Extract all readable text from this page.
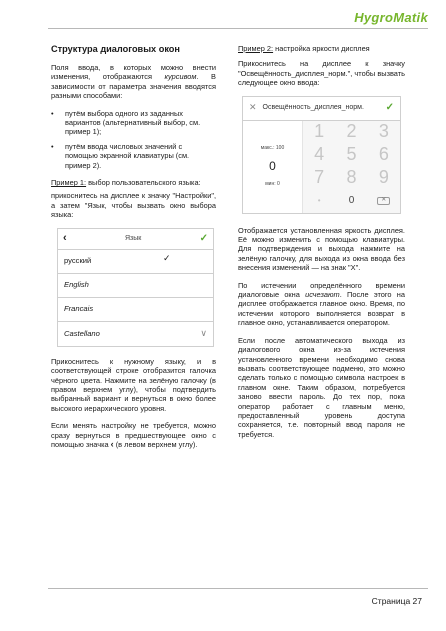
HygroMatik
Структура диалоговых окон

Поля ввода, в которых можно внести изменения, отображаются курсивом. В зависимости от параметра значения вводятся разными способами:

•	путём выбора одного из заданных вариантов (альтернативный выбор, см. пример 1);
•	путём ввода числовых значений с помощью экранной клавиатуры (см. пример 2).

Пример 1: выбор пользовательского языка:

прикоснитесь на дисплее к значку "Настройки", а затем "Язык, чтобы вызвать окно выбора языка:

‹	Язык	✓
русский	✓
English
Francais
Castellano	∨

Прикоснитесь к нужному языку, и в соответствующей строке отобразится галочка чёрного цвета. Нажмите на зелёную галочку (в правом верхнем углу), чтобы подтвердить выбранный вариант и вернуться в окно более высокого иерархического уровня.

Если менять настройку не требуется, можно сразу вернуться в предшествующее окно с помощью значка ‹ (в левом верхнем углу).

Пример 2: настройка яркости дисплея

Прикоснитесь на дисплее к значку "Освещённость_дисплея_норм.", чтобы вызвать следующее окно ввода:

✕ Освещённость_дисплея_норм.	✓
макс.: 100
0
мин: 0
1	2	3
4	5	6
7	8	9
•	0	✕

Отображается установленная яркость дисплея. Её можно изменить с помощью клавиатуры. Для подтверждения и выхода нажмите на зелёную галочку, для выхода из окна ввода без внесения изменений — на знак "X".

По истечении определённого времени диалоговые окна исчезают. После этого на дисплее отображается главное окно. Время, по истечении которого выполняется возврат в главное окно, устанавливается оператором.

Если после автоматического выхода из диалогового окна из-за истечения установленного времени необходимо снова вызвать соответствующее подменю, это можно сделать только с помощью символа настроек в главном окне. Таким образом, потребуется заново ввести пароль. До тех пор, пока оператор работает с главным меню, предоставленный уровень доступа сохраняется, т.е. повторный ввод пароля не требуется.

Страница 27
